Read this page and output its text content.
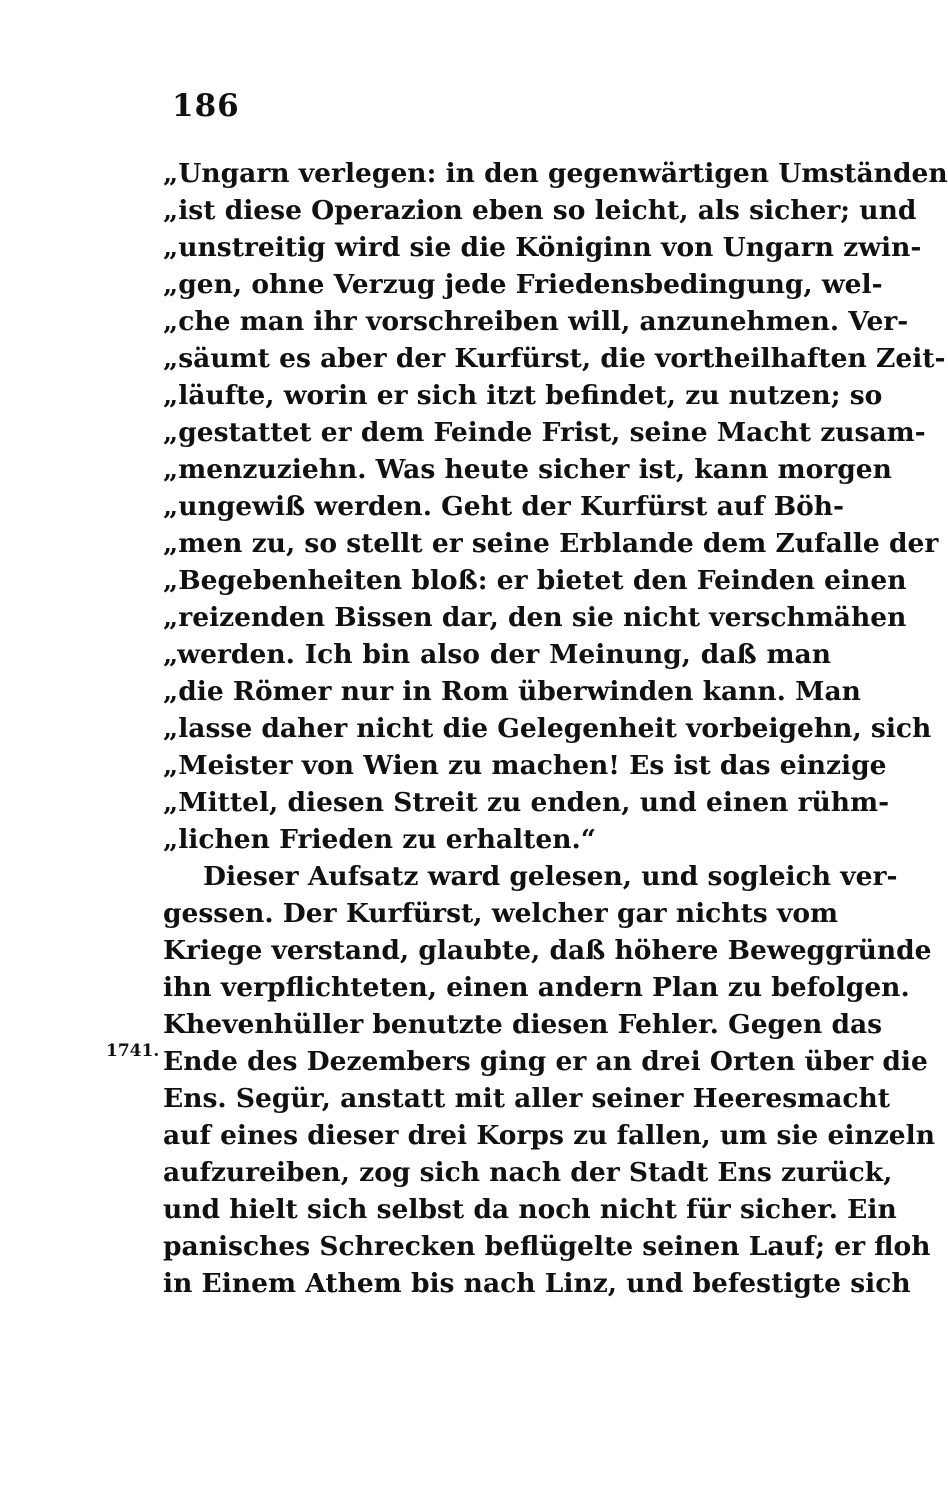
186
1741.
„Ungarn verlegen: in den gegenwärtigen Umständen
„ist diese Operazion eben so leicht, als sicher; und
„unstreitig wird sie die Königinn von Ungarn zwin-
„gen, ohne Verzug jede Friedensbedingung, wel-
„che man ihr vorschreiben will, anzunehmen. Ver-
„säumt es aber der Kurfürst, die vortheilhaften Zeit-
„läufte, worin er sich itzt befindet, zu nutzen; so
„gestattet er dem Feinde Frist, seine Macht zusam-
„menzuziehn. Was heute sicher ist, kann morgen
„ungewiß werden. Geht der Kurfürst auf Böh-
„men zu, so stellt er seine Erblande dem Zufalle der
„Begebenheiten bloß: er bietet den Feinden einen
„reizenden Bissen dar, den sie nicht verschmähen
„werden. Ich bin also der Meinung, daß man
„die Römer nur in Rom überwinden kann. Man
„lasse daher nicht die Gelegenheit vorbeigehn, sich
„Meister von Wien zu machen! Es ist das einzige
„Mittel, diesen Streit zu enden, und einen rühm-
„lichen Frieden zu erhalten.“
Dieser Aufsatz ward gelesen, und sogleich ver-
gessen. Der Kurfürst, welcher gar nichts vom
Kriege verstand, glaubte, daß höhere Beweggründe
ihn verpflichteten, einen andern Plan zu befolgen.
Khevenhüller benutzte diesen Fehler. Gegen das
Ende des Dezembers ging er an drei Orten über die
Ens. Segür, anstatt mit aller seiner Heeresmacht
auf eines dieser drei Korps zu fallen, um sie einzeln
aufzureiben, zog sich nach der Stadt Ens zurück,
und hielt sich selbst da noch nicht für sicher. Ein
panisches Schrecken beflügelte seinen Lauf; er floh
in Einem Athem bis nach Linz, und befestigte sich
